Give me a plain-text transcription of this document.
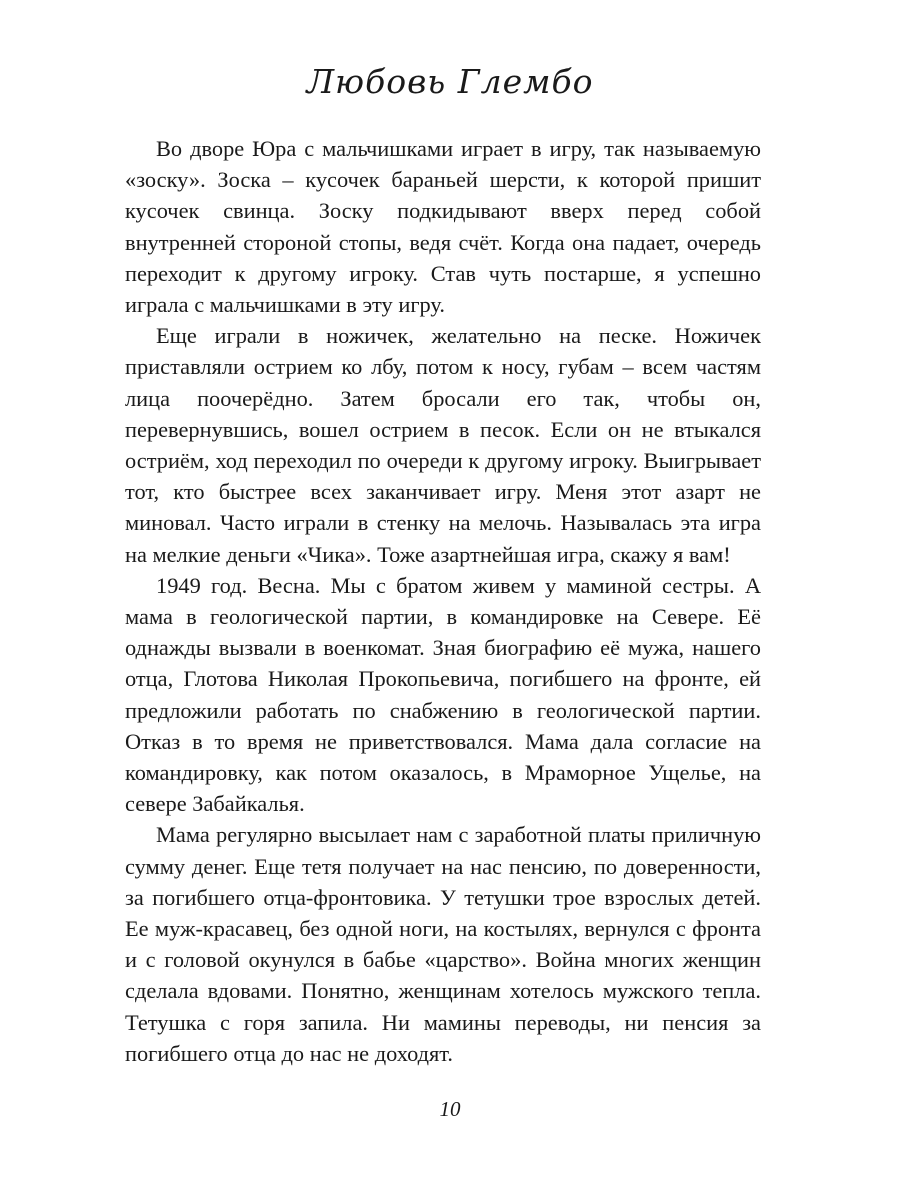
Любовь Глембо

Во дворе Юра с мальчишками играет в игру, так называемую «зоску». Зоска – кусочек бараньей шерсти, к которой пришит кусочек свинца. Зоску подкидывают вверх перед собой внутренней стороной стопы, ведя счёт. Когда она падает, очередь переходит к другому игроку. Став чуть постарше, я успешно играла с мальчишками в эту игру.

Еще играли в ножичек, желательно на песке. Ножичек приставляли острием ко лбу, потом к носу, губам – всем частям лица поочерёдно. Затем бросали его так, чтобы он, перевернувшись, вошел острием в песок. Если он не втыкался остриём, ход переходил по очереди к другому игроку. Выигрывает тот, кто быстрее всех заканчивает игру. Меня этот азарт не миновал. Часто играли в стенку на мелочь. Называлась эта игра на мелкие деньги «Чика». Тоже азартнейшая игра, скажу я вам!

1949 год. Весна. Мы с братом живем у маминой сестры. А мама в геологической партии, в командировке на Севере. Её однажды вызвали в военкомат. Зная биографию её мужа, нашего отца, Глотова Николая Прокопьевича, погибшего на фронте, ей предложили работать по снабжению в геологической партии. Отказ в то время не приветствовался. Мама дала согласие на командировку, как потом оказалось, в Мраморное Ущелье, на севере Забайкалья.

Мама регулярно высылает нам с заработной платы приличную сумму денег. Еще тетя получает на нас пенсию, по доверенности, за погибшего отца-фронтовика. У тетушки трое взрослых детей. Ее муж-красавец, без одной ноги, на костылях, вернулся с фронта и с головой окунулся в бабье «царство». Война многих женщин сделала вдовами. Понятно, женщинам хотелось мужского тепла. Тетушка с горя запила. Ни мамины переводы, ни пенсия за погибшего отца до нас не доходят.

10
